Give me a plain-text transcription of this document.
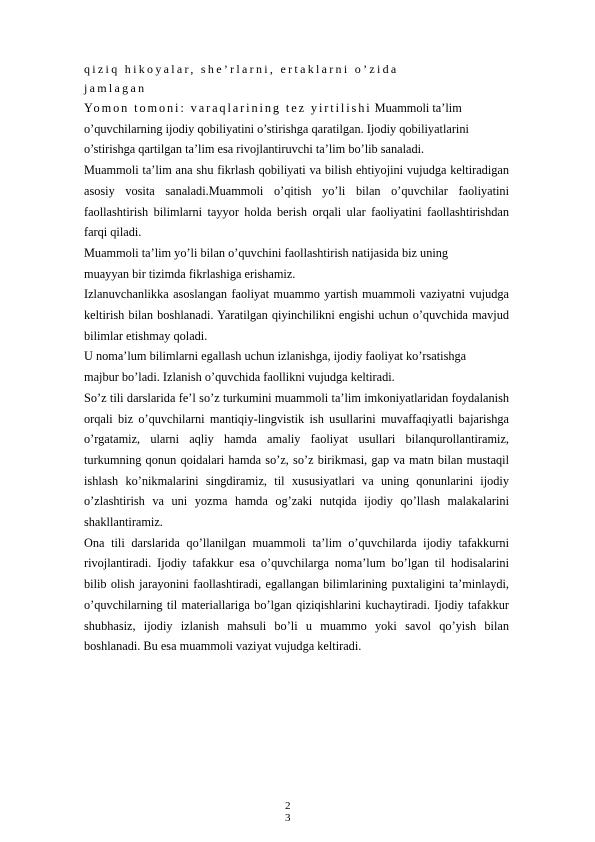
qiziq hikoyalar, she’rlarni, ertaklarni o’zida
jamlagan

Yomon tomoni: varaqlarining tez yirtilishi Muammoli ta’lim
o’quvchilarning ijodiy qobiliyatini o’stirishga qaratilgan. Ijodiy qobiliyatlarini
o’stirishga qartilgan ta’lim esa rivojlantiruvchi ta’lim bo’lib sanaladi.

Muammoli ta’lim ana shu fikrlash qobiliyati va bilish ehtiyojini vujudga keltiradigan asosiy vosita sanaladi.Muammoli o’qitish yo’li bilan o’quvchilar faoliyatini faollashtirish bilimlarni tayyor holda berish orqali ular faoliyatini faollashtirishdan farqi qiladi.

Muammoli ta’lim yo’li bilan o’quvchini faollashtirish natijasida biz uning
muayyan bir tizimda fikrlashiga erishamiz.

Izlanuvchanlikka asoslangan faoliyat muammo yartish muammoli vaziyatni vujudga keltirish bilan boshlanadi. Yaratilgan qiyinchilikni engishi uchun o’quvchida mavjud bilimlar etishmay qoladi.

U noma’lum bilimlarni egallash uchun izlanishga, ijodiy faoliyat ko’rsatishga
majbur bo’ladi. Izlanish o’quvchida faollikni vujudga keltiradi.

So’z tili darslarida fe’l so’z turkumini muammoli ta’lim imkoniyatlaridan foydalanish orqali biz o’quvchilarni mantiqiy-lingvistik ish usullarini muvaffaqiyatli bajarishga o’rgatamiz, ularni aqliy hamda amaliy faoliyat usullari bilanqurollantiramiz, turkumning qonun qoidalari hamda so’z, so’z birikmasi, gap va matn bilan mustaqil ishlash ko’nikmalarini singdiramiz, til xususiyatlari va uning qonunlarini ijodiy o’zlashtirish va uni yozma hamda og’zaki nutqida ijodiy qo’llash malakalarini shakllantiramiz.

Ona tili darslarida qo’llanilgan muammoli ta’lim o’quvchilarda ijodiy tafakkurni rivojlantiradi. Ijodiy tafakkur esa o’quvchilarga noma’lum bo’lgan til hodisalarini bilib olish jarayonini faollashtiradi, egallangan bilimlarining puxtaligini ta’minlaydi, o’quvchilarning til materiallariga bo’lgan qiziqishlarini kuchaytiradi. Ijodiy tafakkur shubhasiz, ijodiy izlanish mahsuli bo’li u muammo yoki savol qo’yish bilan boshlanadi. Bu esa muammoli vaziyat vujudga keltiradi.

2
3
